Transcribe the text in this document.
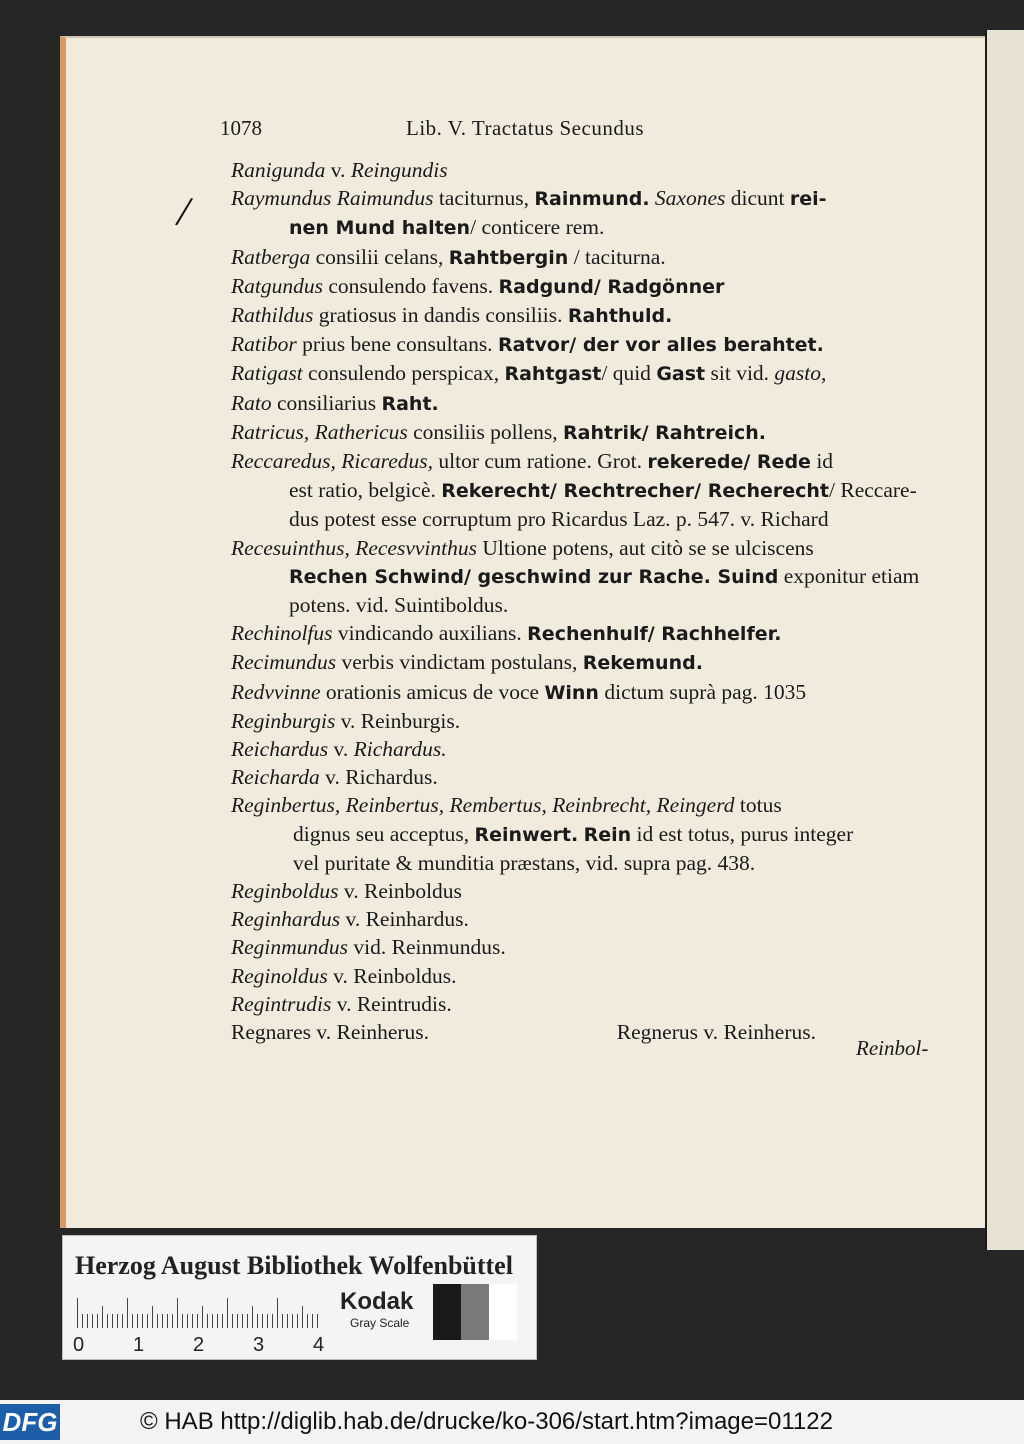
1078	Lib. V. Tractatus Secundus
/
Ranigunda v. Reingundis
Raymundus Raimundus taciturnus, Rainmund. Saxones dicunt rei-
nen Mund halten/ conticere rem.
Ratberga consilii celans, Rahtbergin / taciturna.
Ratgundus consulendo favens. Radgund/ Radgönner
Rathildus gratiosus in dandis consiliis. Rahthuld.
Ratibor prius bene consultans. Ratvor/ der vor alles berahtet.
Ratigast consulendo perspicax, Rahtgast/ quid Gast sit vid. gasto,
Rato consiliarius Raht.
Ratricus, Rathericus consiliis pollens, Rahtrik/ Rahtreich.
Reccaredus, Ricaredus, ultor cum ratione. Grot. rekerede/ Rede id
est ratio, belgicè. Rekerecht/ Rechtrecher/ Recherecht/ Reccare-
dus potest esse corruptum pro Ricardus Laz. p. 547. v. Richard
Recesuinthus, Recesvvinthus Ultione potens, aut citò se se ulciscens
Rechen Schwind/ geschwind zur Rache. Suind exponitur etiam
potens. vid. Suintiboldus.
Rechinolfus vindicando auxilians. Rechenhulf/ Rachhelfer.
Recimundus verbis vindictam postulans, Rekemund.
Redvvinne orationis amicus de voce Winn dictum suprà pag. 1035
Reginburgis v. Reinburgis.
Reichardus v. Richardus.
Reicharda v. Richardus.
Reginbertus, Reinbertus, Rembertus, Reinbrecht, Reingerd totus
dignus seu acceptus, Reinwert. Rein id est totus, purus integer
vel puritate & munditia præstans, vid. supra pag. 438.
Reginboldus v. Reinboldus
Reginhardus v. Reinhardus.
Reginmundus vid. Reinmundus.
Reginoldus v. Reinboldus.
Regintrudis v. Reintrudis.
Regnares v. Reinherus.	Regnerus v. Reinherus.
Reinbol-
Herzog August Bibliothek Wolfenbüttel
0 1 2 3 4
Kodak
Gray Scale
DFG	© HAB http://diglib.hab.de/drucke/ko-306/start.htm?image=01122
